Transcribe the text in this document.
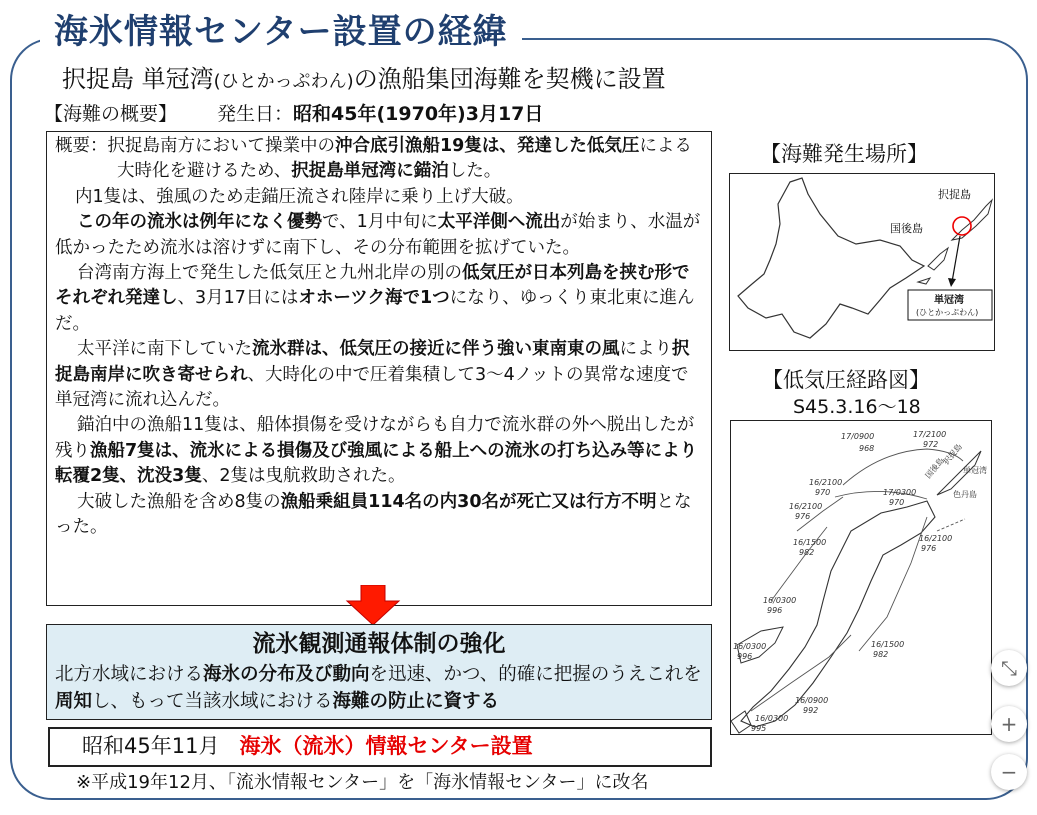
海氷情報センター設置の経緯
択捉島 単冠湾(ひとかっぷわん)の漁船集団海難を契機に設置
【海難の概要】 発生日：昭和45年(1970年)3月17日

概要：択捉島南方において操業中の沖合底引漁船19隻は、発達した低気圧による大時化を避けるため、択捉島単冠湾に錨泊した。

内1隻は、強風のため走錨圧流され陸岸に乗り上げ大破。

この年の流氷は例年になく優勢で、1月中旬に太平洋側へ流出が始まり、水温が低かったため流氷は溶けずに南下し、その分布範囲を拡げていた。

台湾南方海上で発生した低気圧と九州北岸の別の低気圧が日本列島を挟む形でそれぞれ発達し、3月17日にはオホーツク海で1つになり、ゆっくり東北東に進んだ。

太平洋に南下していた流氷群は、低気圧の接近に伴う強い東南東の風により択捉島南岸に吹き寄せられ、大時化の中で圧着集積して3～4ノットの異常な速度で単冠湾に流れ込んだ。

錨泊中の漁船11隻は、船体損傷を受けながらも自力で流氷群の外へ脱出したが残り漁船7隻は、流氷による損傷及び強風による船上への流氷の打ち込み等により転覆2隻、沈没3隻、2隻は曳航救助された。

大破した漁船を含め8隻の漁船乗組員114名の内30名が死亡又は行方不明となった。

流氷観測通報体制の強化
北方水域における海氷の分布及び動向を迅速、かつ、的確に把握のうえこれを周知し、もって当該水域における海難の防止に資する
昭和45年11月 海氷（流氷）情報センター設置
※平成19年12月、「流氷情報センター」を「海氷情報センター」に改名
【海難発生場所】
択捉島
国後島
単冠湾
(ひとかっぷわん)
【低気圧経路図】
S45.3.16～18
17/0900
968
17/2100
972
16/2100
970	17/0300
970
16/2100
976
16/1500
982
16/2100
976
16/0300
996
16/1500
982
16/0300
996
16/0900
992
16/0300
995
国後島
択捉島
単冠湾
色丹島
⤡
+
−
